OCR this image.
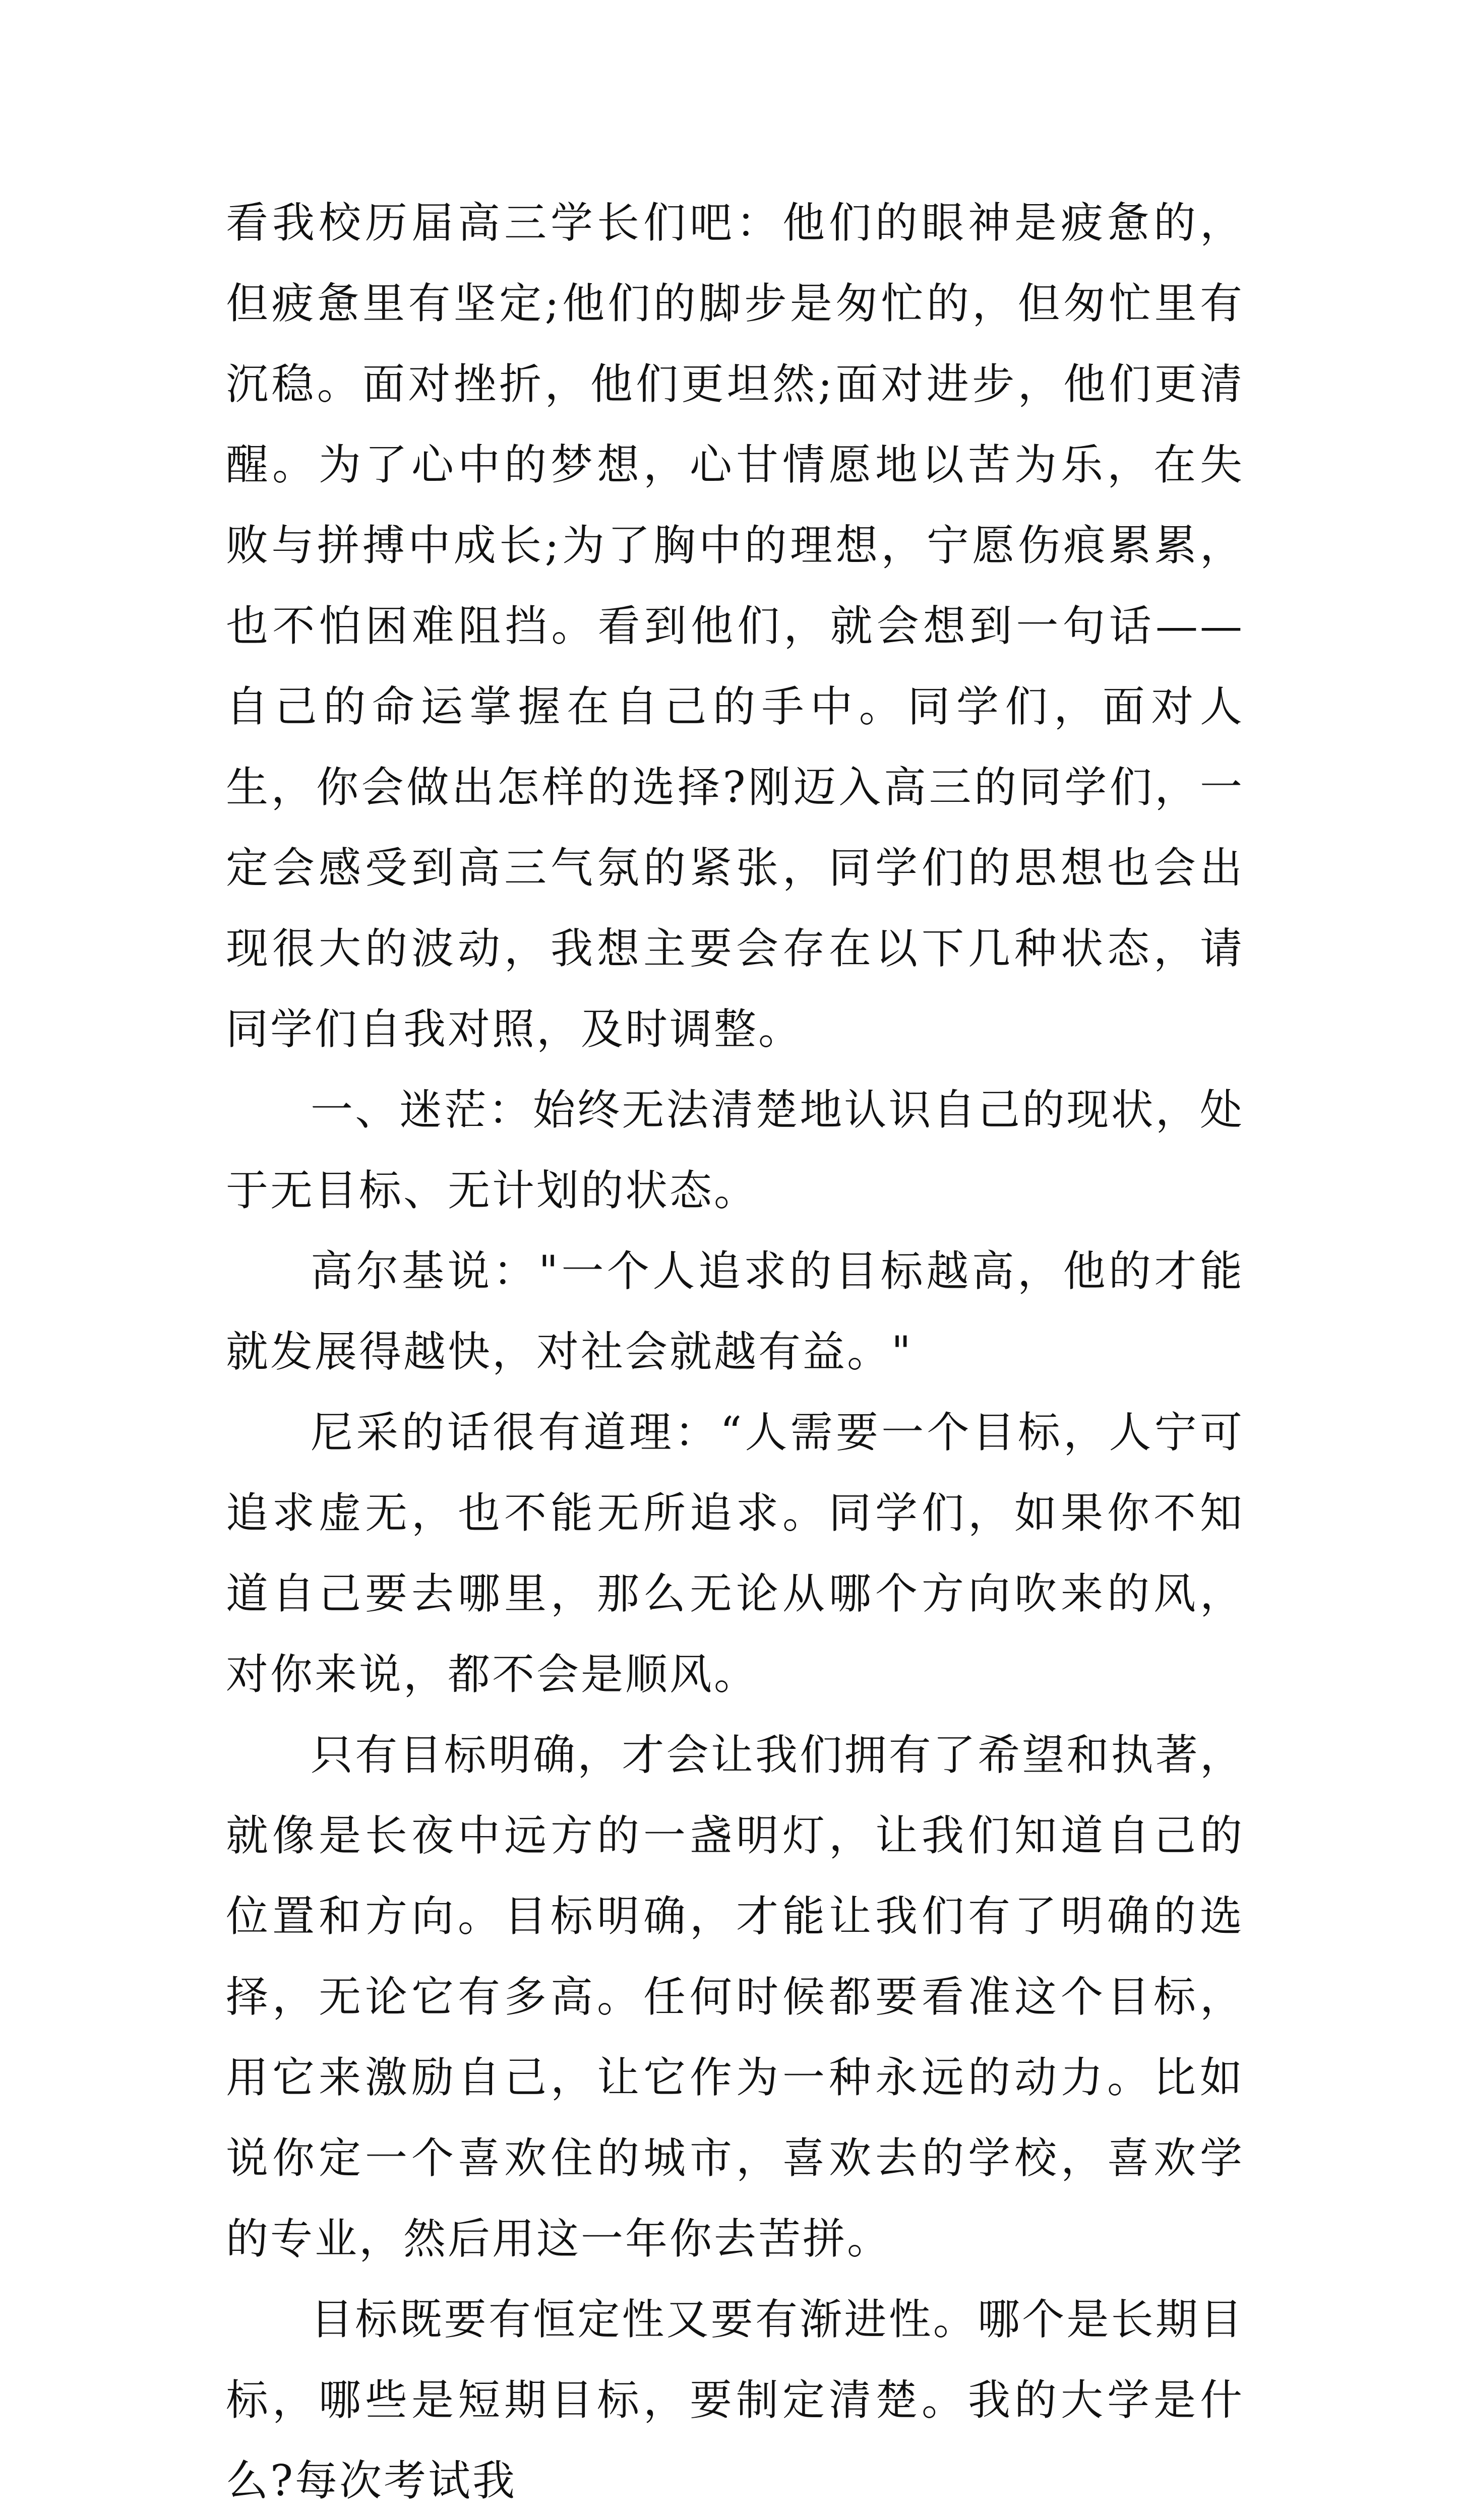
看我校历届高三学长们吧：他们的眼神是疲惫的，但疲惫里有坚定;他们的脚步是匆忙的，但匆忙里有沉稳。面对挫折，他们更坦然;面对进步，他们更清醒。为了心中的梦想，心甘情愿地以苦为乐，在失败与拼搏中成长;为了胸中的理想，宁愿伤痕累累，也不怕困难阻挡。看到他们，就会想到一句话——自己的命运掌握在自己的手中。同学们，面对人生，你会做出怎样的选择?刚迈入高三的同学们，一定会感受到高三气氛的紧张，同学们的思想也会出现很大的波动，我想主要会存在以下几种状态，请同学们自我对照，及时调整。

一、迷茫：始终无法清楚地认识自己的现状，处于无目标、无计划的状态。

高尔基说："一个人追求的目标越高，他的才能就发展得越快，对社会就越有益。"

尼采的话很有道理：“人需要一个目标，人宁可追求虚无，也不能无所追求。同学们，如果你不知道自己要去哪里，那么无论从哪个方向吹来的风，对你来说，都不会是顺风。

只有目标明确，才会让我们拥有了希望和执著，就像是长夜中远方的一盏明灯，让我们知道自己的位置和方向。目标明确，才能让我们有了明确的选择，无论它有多高。任何时候都要看准这个目标，用它来激励自己，让它作为一种永远的动力。比如说你定一个喜欢住的城市，喜欢去的学校，喜欢学的专业，然后用这一年你去苦拼。

目标既要有恒定性又要有渐进性。哪个是长期目标，哪些是短期目标，要制定清楚。我的大学是什么?每次考试我
